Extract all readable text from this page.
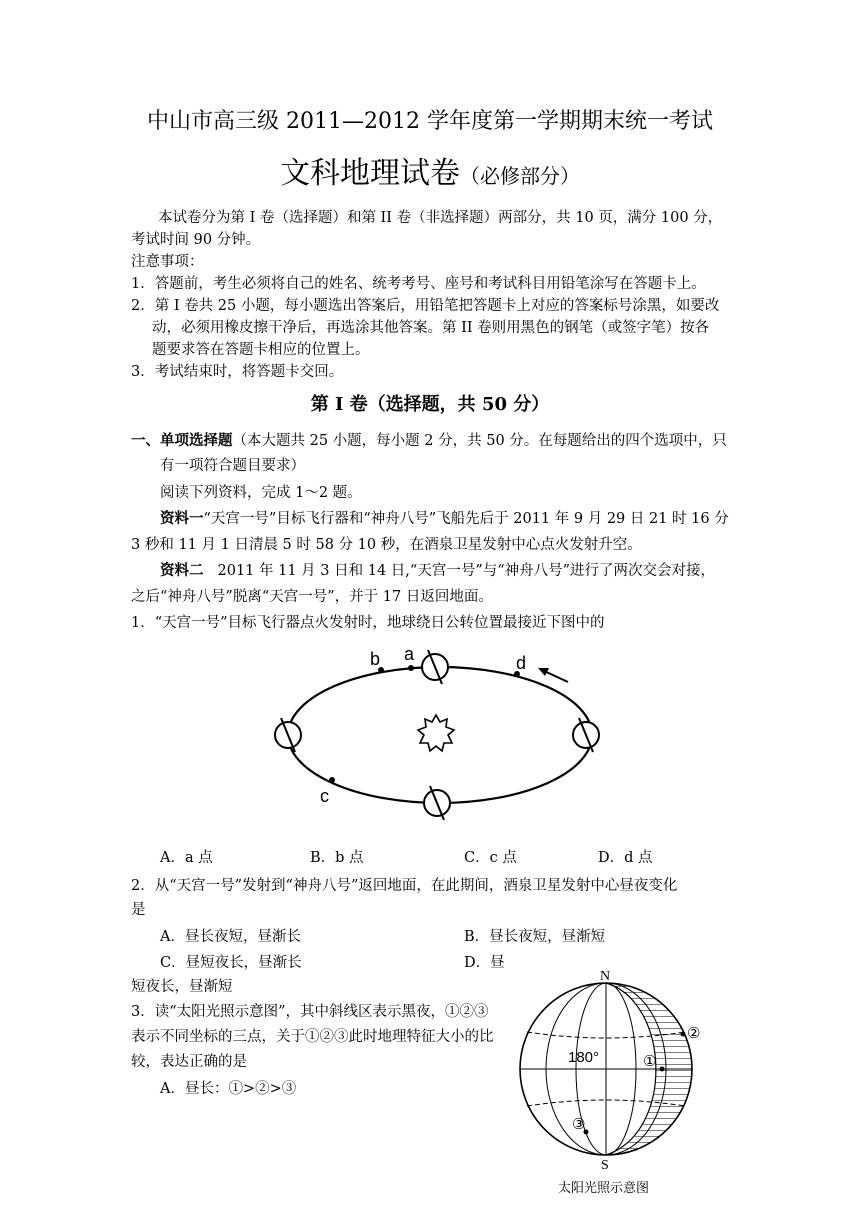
中山市高三级 2011—2012 学年度第一学期期末统一考试
文科地理试卷（必修部分）
本试卷分为第 I 卷（选择题）和第 II 卷（非选择题）两部分，共 10 页，满分 100 分，
考试时间 90 分钟。
注意事项：
1．答题前，考生必须将自己的姓名、统考考号、座号和考试科目用铅笔涂写在答题卡上。
2．第 I 卷共 25 小题，每小题选出答案后，用铅笔把答题卡上对应的答案标号涂黑，如要改
动，必须用橡皮擦干净后，再选涂其他答案。第 II 卷则用黑色的钢笔（或签字笔）按各
题要求答在答题卡相应的位置上。
3．考试结束时，将答题卡交回。
第 I 卷（选择题，共 50 分）
一、单项选择题（本大题共 25 小题，每小题 2 分，共 50 分。在每题给出的四个选项中，只
有一项符合题目要求）
阅读下列资料，完成 1～2 题。
资料一“天宫一号”目标飞行器和“神舟八号”飞船先后于 2011 年 9 月 29 日 21 时 16 分
3 秒和 11 月 1 日清晨 5 时 58 分 10 秒，在酒泉卫星发射中心点火发射升空。
资料二 2011 年 11 月 3 日和 14 日,“天宫一号”与“神舟八号”进行了两次交会对接，
之后“神舟八号”脱离“天宫一号”，并于 17 日返回地面。
1．“天宫一号”目标飞行器点火发射时，地球绕日公转位置最接近下图中的
a
b	d
c
A．a 点	B．b 点	C．c 点	D．d 点
2．从“天宫一号”发射到“神舟八号”返回地面，在此期间，酒泉卫星发射中心昼夜变化
是
A．昼长夜短，昼渐长	B．昼长夜短，昼渐短
C．昼短夜长，昼渐长	D．昼
短夜长，昼渐短
3．读“太阳光照示意图”，其中斜线区表示黑夜，①②③
表示不同坐标的三点，关于①②③此时地理特征大小的比
较，表达正确的是
A．昼长：①>②>③
N
S
180°	①
②
③
太阳光照示意图
